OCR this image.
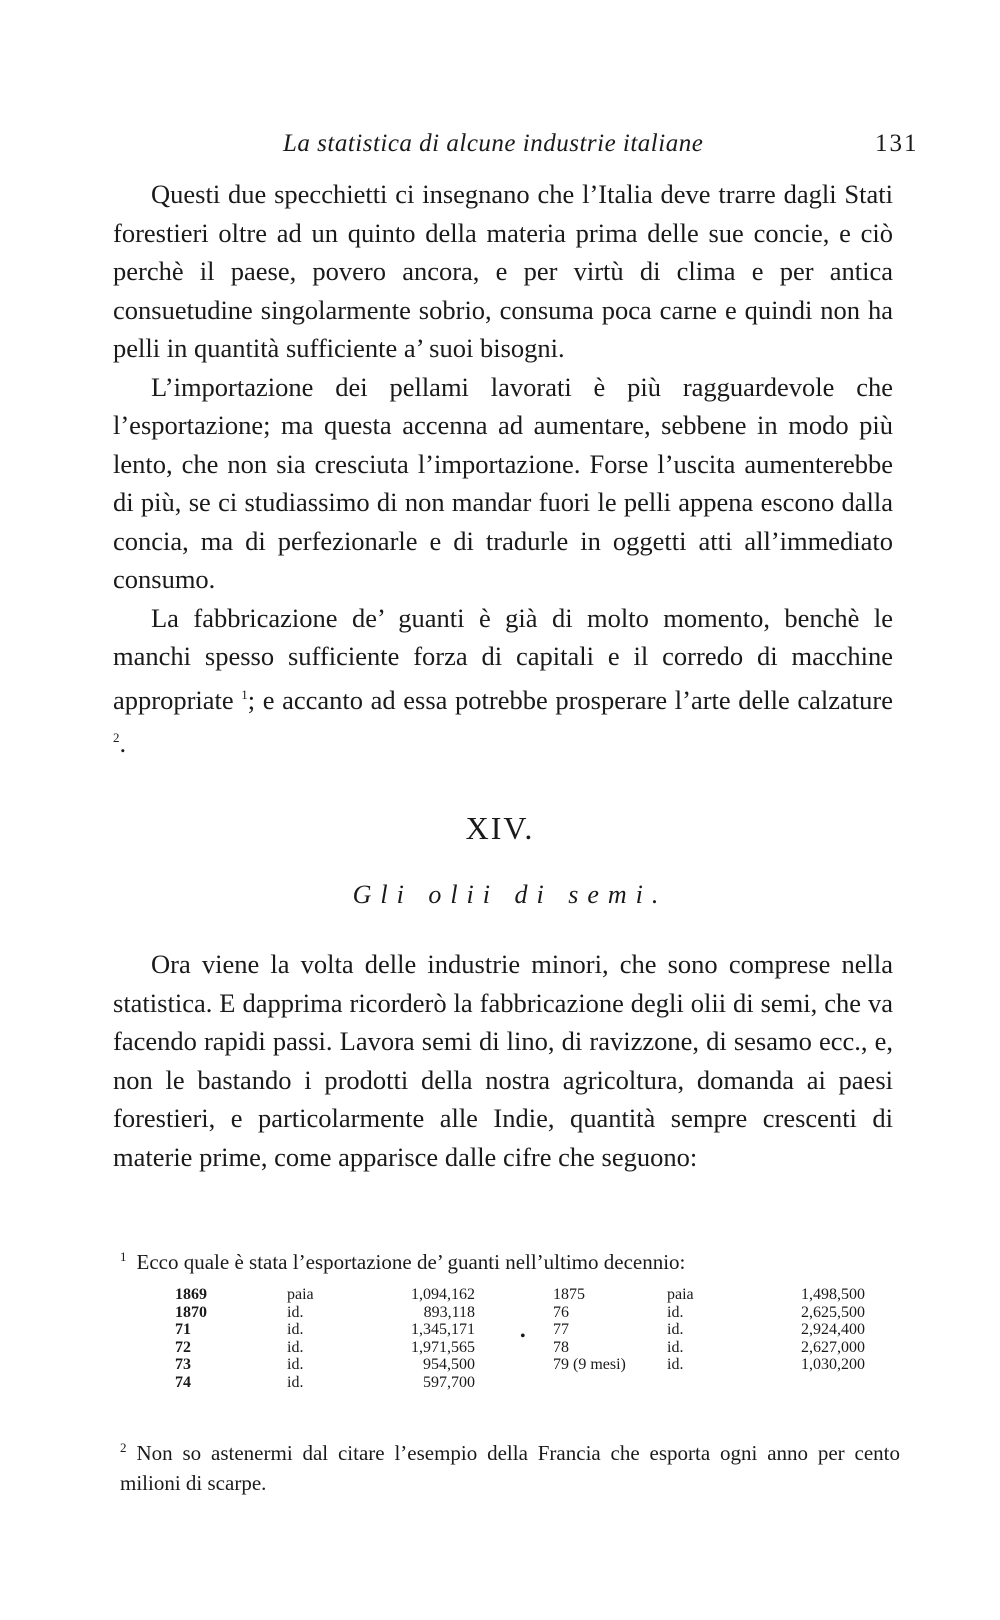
La statistica di alcune industrie italiane	131

Questi due specchietti ci insegnano che l’Italia deve trarre dagli Stati forestieri oltre ad un quinto della materia prima delle sue concie, e ciò perchè il paese, povero ancora, e per virtù di clima e per antica consuetudine singolarmente sobrio, consuma poca carne e quindi non ha pelli in quantità sufficiente a’ suoi bisogni.

L’importazione dei pellami lavorati è più ragguardevole che l’esportazione; ma questa accenna ad aumentare, sebbene in modo più lento, che non sia cresciuta l’importazione. Forse l’uscita aumenterebbe di più, se ci studiassimo di non mandar fuori le pelli appena escono dalla concia, ma di perfezionarle e di tradurle in oggetti atti all’immediato consumo.

La fabbricazione de’ guanti è già di molto momento, benchè le manchi spesso sufficiente forza di capitali e il corredo di macchine appropriate $^1$; e accanto ad essa potrebbe prosperare l’arte delle calzature $^2$.

XIV.
Gli olii di semi.

Ora viene la volta delle industrie minori, che sono comprese nella statistica. E dapprima ricorderò la fabbricazione degli olii di semi, che va facendo rapidi passi. Lavora semi di lino, di ravizzone, di sesamo ecc., e, non le bastando i prodotti della nostra agricoltura, domanda ai paesi forestieri, e particolarmente alle Indie, quantità sempre crescenti di materie prime, come apparisce dalle cifre che seguono:

$^1$ Ecco quale è stata l’esportazione de’ guanti nell’ultimo decennio:
1869
1870
71
72
73
74
paia
id.
id.
id.
id.
id.
1,094,162
893,118
1,345,171
1,971,565
954,500
597,700
•
1875
76
77
78
79 (9 mesi)
paia
id.
id.
id.
id.
1,498,500
2,625,500
2,924,400
2,627,000
1,030,200
$^2$ Non so astenermi dal citare l’esempio della Francia che esporta ogni anno per cento milioni di scarpe.
